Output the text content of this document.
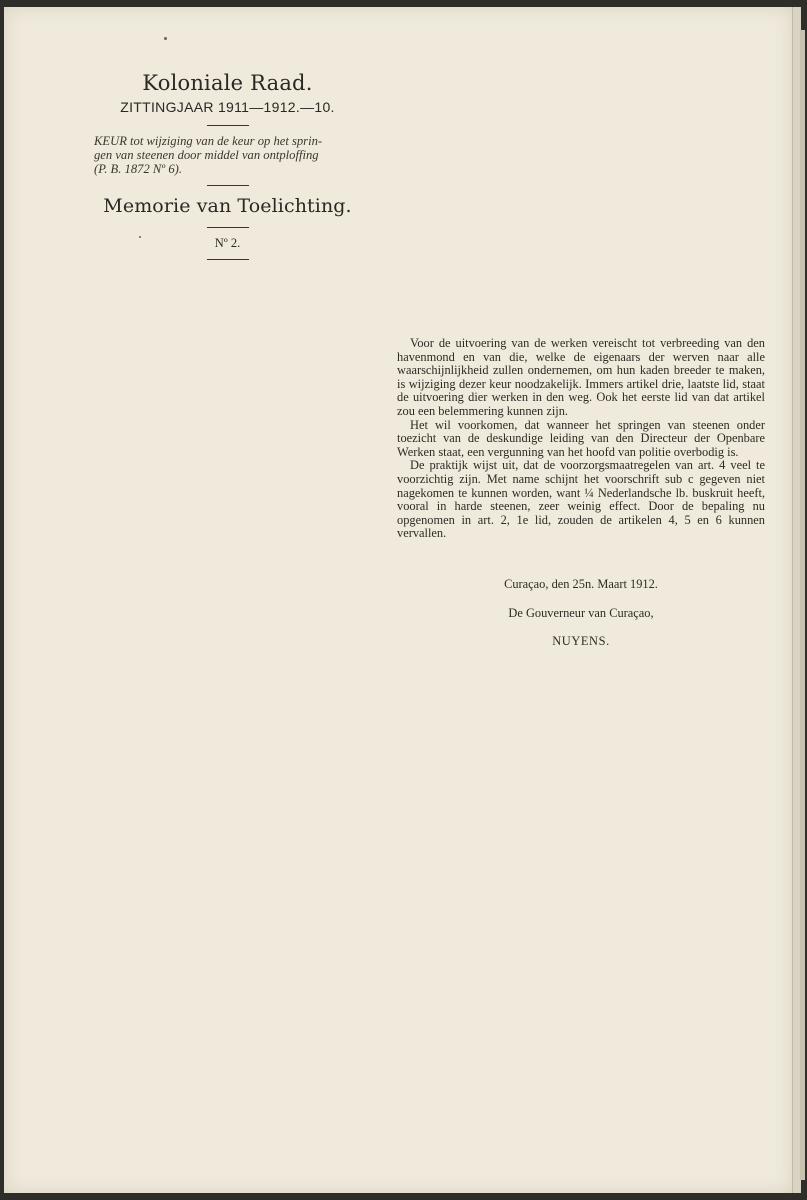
Koloniale Raad.
ZITTINGJAAR 1911—1912.—10.
KEUR tot wijziging van de keur op het sprin-
gen van steenen door middel van ontploffing
(P. B. 1872 Nº 6).
Memorie van Toelichting.
Nº 2.

Voor de uitvoering van de werken vereischt tot verbreeding van den havenmond en van die, welke de eigenaars der werven naar alle waarschijnlijkheid zullen ondernemen, om hun kaden breeder te maken, is wijziging dezer keur noodzakelijk. Immers artikel drie, laatste lid, staat de uitvoering dier werken in den weg. Ook het eerste lid van dat artikel zou een belemmering kunnen zijn.

Het wil voorkomen, dat wanneer het springen van steenen onder toezicht van de deskundige leiding van den Directeur der Openbare Werken staat, een vergunning van het hoofd van politie overbodig is.

De praktijk wijst uit, dat de voorzorgsmaatregelen van art. 4 veel te voorzichtig zijn. Met name schijnt het voorschrift sub c gegeven niet nagekomen te kunnen worden, want ¼ Nederlandsche lb. buskruit heeft, vooral in harde steenen, zeer weinig effect. Door de bepaling nu opgenomen in art. 2, 1e lid, zouden de artikelen 4, 5 en 6 kunnen vervallen.

Curaçao, den 25n. Maart 1912.
De Gouverneur van Curaçao,
NUYENS.
